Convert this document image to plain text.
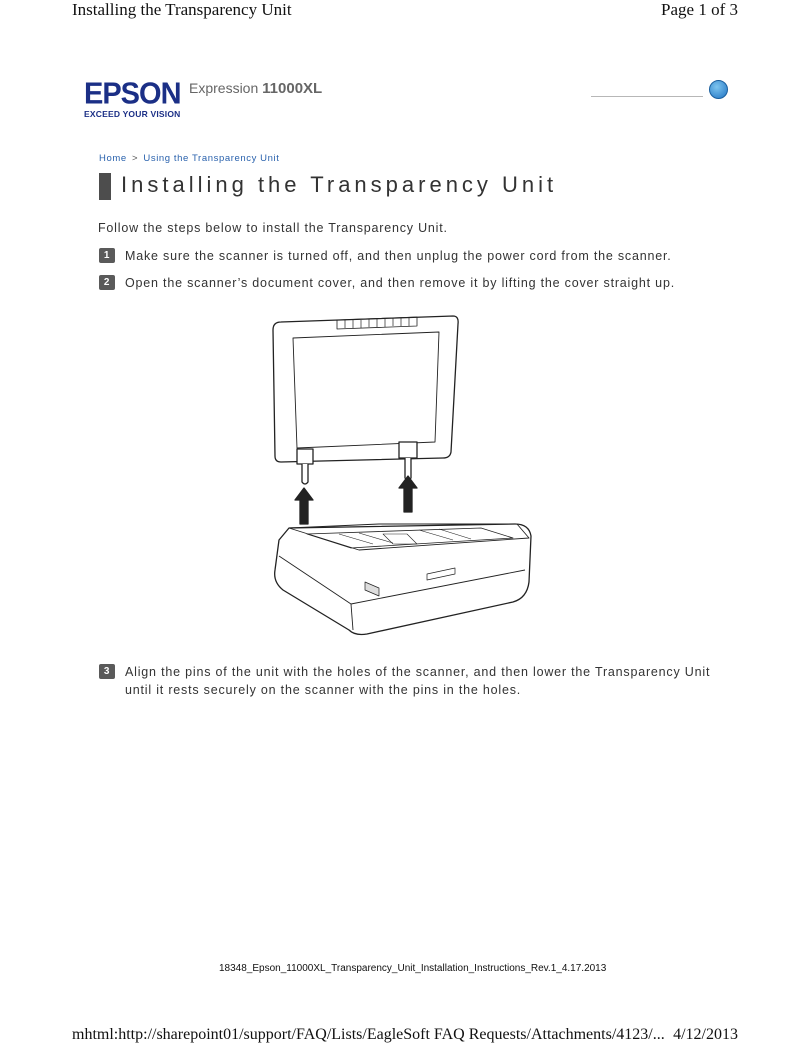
Installing the Transparency Unit	Page 1 of 3
EPSON
EXCEED YOUR VISION
Expression 11000XL
Home > Using the Transparency Unit
Installing the Transparency Unit
Follow the steps below to install the Transparency Unit.
1	Make sure the scanner is turned off, and then unplug the power cord from the scanner.
2	Open the scanner’s document cover, and then remove it by lifting the cover straight up.
3	Align the pins of the unit with the holes of the scanner, and then lower the Transparency Unit until it rests securely on the scanner with the pins in the holes.
18348_Epson_11000XL_Transparency_Unit_Installation_Instructions_Rev.1_4.17.2013
mhtml:http://sharepoint01/support/FAQ/Lists/EagleSoft FAQ Requests/Attachments/4123/... 4/12/2013
